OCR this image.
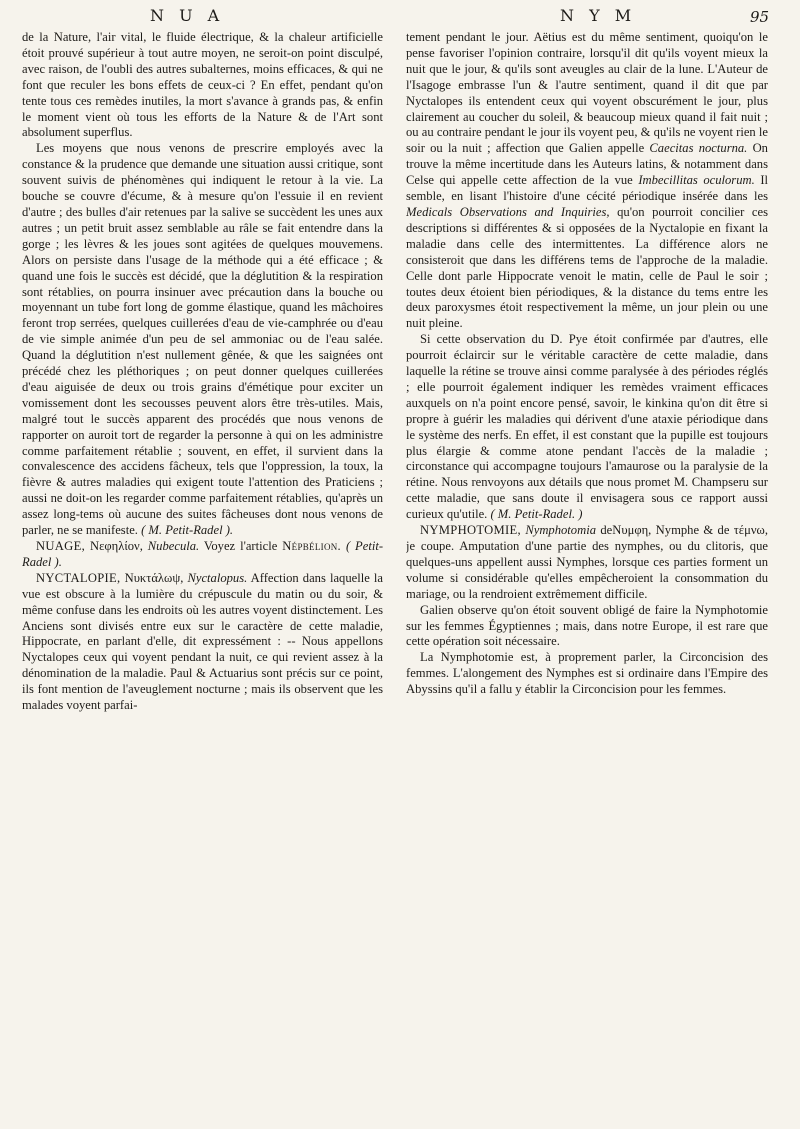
N U A	N Y M	95

de la Nature, l'air vital, le fluide électrique, & la chaleur artificielle étoit prouvé supérieur à tout autre moyen, ne seroit-on point disculpé, avec raison, de l'oubli des autres subalternes, moins efficaces, & qui ne font que reculer les bons effets de ceux-ci ? En effet, pendant qu'on tente tous ces remèdes inutiles, la mort s'avance à grands pas, & enfin le moment vient où tous les efforts de la Nature & de l'Art sont absolument superflus.

Les moyens que nous venons de prescrire employés avec la constance & la prudence que demande une situation aussi critique, sont souvent suivis de phénomènes qui indiquent le retour à la vie. La bouche se couvre d'écume, & à mesure qu'on l'essuie il en revient d'autre ; des bulles d'air retenues par la salive se succèdent les unes aux autres ; un petit bruit assez semblable au râle se fait entendre dans la gorge ; les lèvres & les joues sont agitées de quelques mouvemens. Alors on persiste dans l'usage de la méthode qui a été efficace ; & quand une fois le succès est décidé, que la déglutition & la respiration sont rétablies, on pourra insinuer avec précaution dans la bouche ou moyennant un tube fort long de gomme élastique, quand les mâchoires feront trop serrées, quelques cuillerées d'eau de vie-camphrée ou d'eau de vie simple animée d'un peu de sel ammoniac ou de l'eau salée. Quand la déglutition n'est nullement gênée, & que les saignées ont précédé chez les pléthoriques ; on peut donner quelques cuillerées d'eau aiguisée de deux ou trois grains d'émétique pour exciter un vomissement dont les secousses peuvent alors être très-utiles. Mais, malgré tout le succès apparent des procédés que nous venons de rapporter on auroit tort de regarder la personne à qui on les administre comme parfaitement rétablie ; souvent, en effet, il survient dans la convalescence des accidens fâcheux, tels que l'oppression, la toux, la fièvre & autres maladies qui exigent toute l'attention des Praticiens ; aussi ne doit-on les regarder comme parfaitement rétablies, qu'après un assez long-tems où aucune des suites fâcheuses dont nous venons de parler, ne se manifeste. ( M. Petit-Radel ).

NUAGE, Νεφηλίον, Nubecula. Voyez l'article Népbélion. ( Petit-Radel ).

NYCTALOPIE, Νυκτάλωψ, Nyctalopus. Affection dans laquelle la vue est obscure à la lumière du crépuscule du matin ou du soir, & même confuse dans les endroits où les autres voyent distinctement. Les Anciens sont divisés entre eux sur le caractère de cette maladie, Hippocrate, en parlant d'elle, dit expressément : -- Nous appellons Nyctalopes ceux qui voyent pendant la nuit, ce qui revient assez à la dénomination de la maladie. Paul & Actuarius sont précis sur ce point, ils font mention de l'aveuglement nocturne ; mais ils observent que les malades voyent parfai-

tement pendant le jour. Aëtius est du même sentiment, quoiqu'on le pense favoriser l'opinion contraire, lorsqu'il dit qu'ils voyent mieux la nuit que le jour, & qu'ils sont aveugles au clair de la lune. L'Auteur de l'Isagoge embrasse l'un & l'autre sentiment, quand il dit que par Nyctalopes ils entendent ceux qui voyent obscurément le jour, plus clairement au coucher du soleil, & beaucoup mieux quand il fait nuit ; ou au contraire pendant le jour ils voyent peu, & qu'ils ne voyent rien le soir ou la nuit ; affection que Galien appelle Caecitas nocturna. On trouve la même incertitude dans les Auteurs latins, & notamment dans Celse qui appelle cette affection de la vue Imbecillitas oculorum. Il semble, en lisant l'histoire d'une cécité périodique insérée dans les Medicals Observations and Inquiries, qu'on pourroit concilier ces descriptions si différentes & si opposées de la Nyctalopie en fixant la maladie dans celle des intermittentes. La différence alors ne consisteroit que dans les différens tems de l'approche de la maladie. Celle dont parle Hippocrate venoit le matin, celle de Paul le soir ; toutes deux étoient bien périodiques, & la distance du tems entre les deux paroxysmes étoit respectivement la même, un jour plein ou une nuit pleine.

Si cette observation du D. Pye étoit confirmée par d'autres, elle pourroit éclaircir sur le véritable caractère de cette maladie, dans laquelle la rétine se trouve ainsi comme paralysée à des périodes réglés ; elle pourroit également indiquer les remèdes vraiment efficaces auxquels on n'a point encore pensé, savoir, le kinkina qu'on dit être si propre à guérir les maladies qui dérivent d'une ataxie périodique dans le système des nerfs. En effet, il est constant que la pupille est toujours plus élargie & comme atone pendant l'accès de la maladie ; circonstance qui accompagne toujours l'amaurose ou la paralysie de la rétine. Nous renvoyons aux détails que nous promet M. Champseru sur cette maladie, que sans doute il envisagera sous ce rapport aussi curieux qu'utile. ( M. Petit-Radel. )

NYMPHOTOMIE, Nymphotomia deΝυμφη, Nymphe & de τέμνω, je coupe. Amputation d'une partie des nymphes, ou du clitoris, que quelques-uns appellent aussi Nymphes, lorsque ces parties forment un volume si considérable qu'elles empêcheroient la consommation du mariage, ou la rendroient extrêmement difficile.

Galien observe qu'on étoit souvent obligé de faire la Nymphotomie sur les femmes Égyptiennes ; mais, dans notre Europe, il est rare que cette opération soit nécessaire.

La Nymphotomie est, à proprement parler, la Circoncision des femmes. L'alongement des Nymphes est si ordinaire dans l'Empire des Abyssins qu'il a fallu y établir la Circoncision pour les femmes.
